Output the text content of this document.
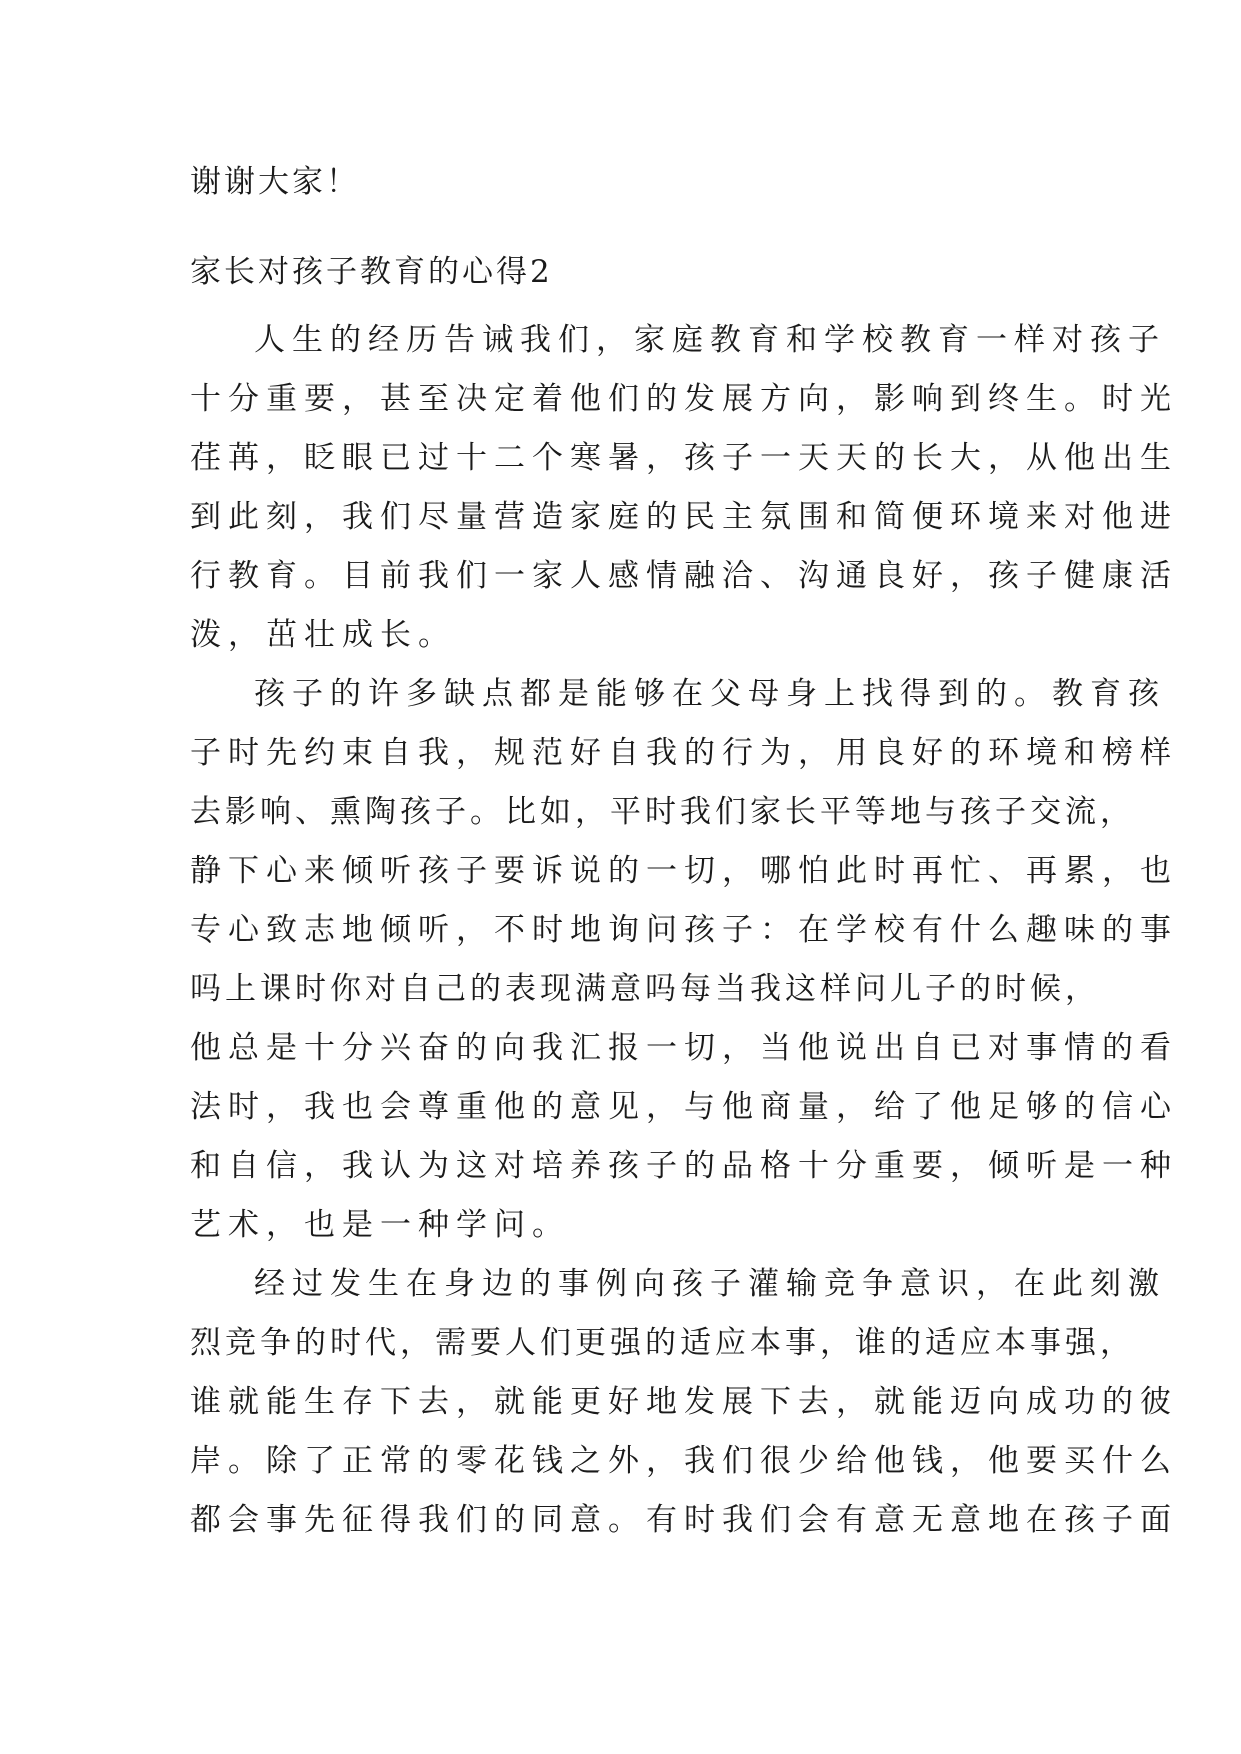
谢谢大家！

家长对孩子教育的心得2

人生的经历告诫我们，家庭教育和学校教育一样对孩子
十分重要，甚至决定着他们的发展方向，影响到终生。时光
荏苒，眨眼已过十二个寒暑，孩子一天天的长大，从他出生
到此刻，我们尽量营造家庭的民主氛围和简便环境来对他进
行教育。目前我们一家人感情融洽、沟通良好，孩子健康活
泼，茁壮成长。

孩子的许多缺点都是能够在父母身上找得到的。教育孩
子时先约束自我，规范好自我的行为，用良好的环境和榜样
去影响、熏陶孩子。比如，平时我们家长平等地与孩子交流，
静下心来倾听孩子要诉说的一切，哪怕此时再忙、再累，也
专心致志地倾听，不时地询问孩子：在学校有什么趣味的事
吗上课时你对自己的表现满意吗每当我这样问儿子的时候，
他总是十分兴奋的向我汇报一切，当他说出自已对事情的看
法时，我也会尊重他的意见，与他商量，给了他足够的信心
和自信，我认为这对培养孩子的品格十分重要，倾听是一种
艺术，也是一种学问。

经过发生在身边的事例向孩子灌输竞争意识，在此刻激
烈竞争的时代，需要人们更强的适应本事，谁的适应本事强，
谁就能生存下去，就能更好地发展下去，就能迈向成功的彼
岸。除了正常的零花钱之外，我们很少给他钱，他要买什么
都会事先征得我们的同意。有时我们会有意无意地在孩子面
